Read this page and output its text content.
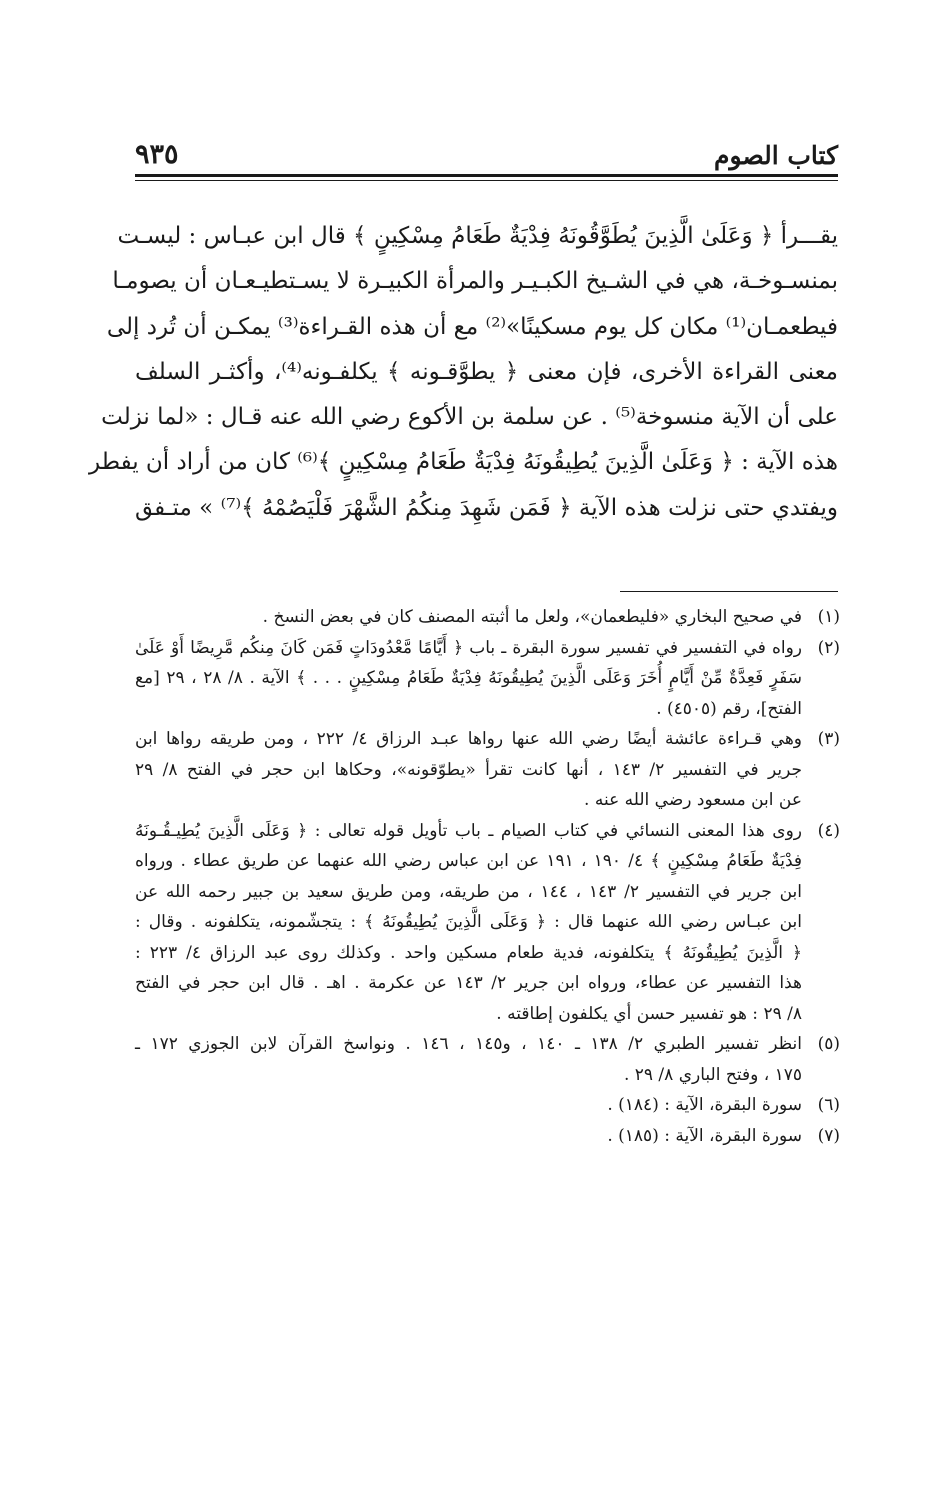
كتاب الصوم
٩٣٥
يقـــرأ ﴿ وَعَلَىٰ الَّذِينَ يُطَوَّقُونَهُ فِدْيَةٌ طَعَامُ مِسْكِينٍ ﴾ قال ابن عبـاس : ليسـت
بمنسـوخـة، هي في الشـيخ الكبـيـر والمرأة الكبيـرة لا يسـتطيـعـان أن يصومـا
فيطعمـان⁽¹⁾ مكان كل يوم مسكينًا»⁽²⁾ مع أن هذه القـراءة⁽³⁾ يمكـن أن تُرد إلى
معنى القراءة الأخرى، فإن معنى ﴿ يطوَّقـونه ﴾ يكلفـونه⁽⁴⁾، وأكثـر السلف
على أن الآية منسوخة⁽⁵⁾ . عن سلمة بن الأكوع رضي الله عنه قـال : «لما نزلت
هذه الآية : ﴿ وَعَلَىٰ الَّذِينَ يُطِيقُونَهُ فِدْيَةٌ طَعَامُ مِسْكِينٍ ﴾⁽⁶⁾ كان من أراد أن يفطر
ويفتدي حتى نزلت هذه الآية ﴿ فَمَن شَهِدَ مِنكُمُ الشَّهْرَ فَلْيَصُمْهُ ﴾⁽⁷⁾ » متـفق
(١)
في صحيح البخاري «فليطعمان»، ولعل ما أثبته المصنف كان في بعض النسخ .
(٢)
رواه في التفسير في تفسير سورة البقرة ـ باب ﴿ أَيَّامًا مَّعْدُودَاتٍ فَمَن كَانَ مِنكُم مَّرِيضًا أَوْ عَلَىٰ
سَفَرٍ فَعِدَّةٌ مِّنْ أَيَّامٍ أُخَرَ وَعَلَى الَّذِينَ يُطِيقُونَهُ فِدْيَةٌ طَعَامُ مِسْكِينٍ . . . ﴾ الآية . ٨/ ٢٨ ، ٢٩ [مع
الفتح]، رقم (٤٥٠٥) .
(٣)
وهي قـراءة عائشة أيضًا رضي الله عنها رواها عبـد الرزاق ٤/ ٢٢٢ ، ومن طريقه رواها ابن
جرير في التفسير ٢/ ١٤٣ ، أنها كانت تقرأ «يطوّقونه»، وحكاها ابن حجر في الفتح ٨/ ٢٩
عن ابن مسعود رضي الله عنه .
(٤)
روى هذا المعنى النسائي في كتاب الصيام ـ باب تأويل قوله تعالى : ﴿ وَعَلَى الَّذِينَ يُطِيـقُـونَهُ
فِدْيَةٌ طَعَامُ مِسْكِينٍ ﴾ ٤/ ١٩٠ ، ١٩١ عن ابن عباس رضي الله عنهما عن طريق عطاء . ورواه
ابن جرير في التفسير ٢/ ١٤٣ ، ١٤٤ ، من طريقه، ومن طريق سعيد بن جبير رحمه الله عن
ابن عبـاس رضي الله عنهما قال : ﴿ وَعَلَى الَّذِينَ يُطِيقُونَهُ ﴾ : يتجشّمونه، يتكلفونه . وقال :
﴿ الَّذِينَ يُطِيقُونَهُ ﴾ يتكلفونه، فدية طعام مسكين واحد . وكذلك روى عبد الرزاق ٤/ ٢٢٣ :
هذا التفسير عن عطاء، ورواه ابن جرير ٢/ ١٤٣ عن عكرمة . اهـ . قال ابن حجر في الفتح
٨/ ٢٩ : هو تفسير حسن أي يكلفون إطاقته .
(٥)
انظر تفسير الطبري ٢/ ١٣٨ ـ ١٤٠ ، و١٤٥ ، ١٤٦ . ونواسخ القرآن لابن الجوزي ١٧٢ ـ
١٧٥ ، وفتح الباري ٨/ ٢٩ .
(٦)
سورة البقرة، الآية : (١٨٤) .
(٧)
سورة البقرة، الآية : (١٨٥) .
